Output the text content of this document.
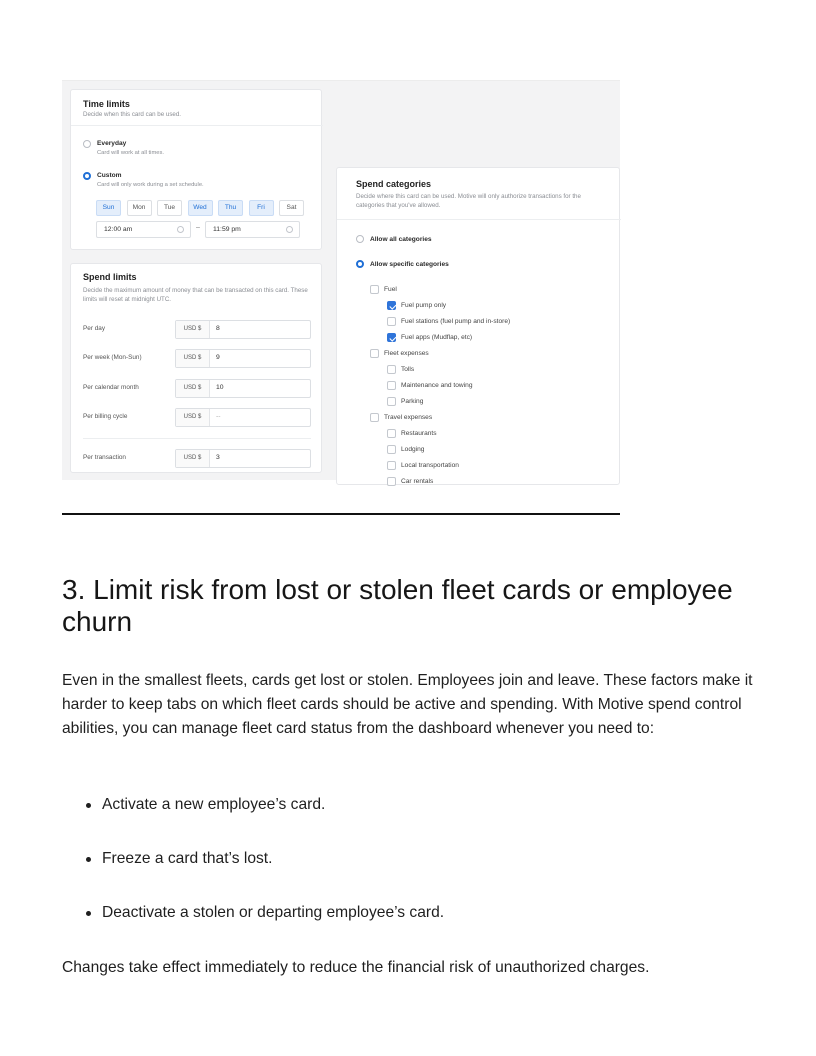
Time limits
Decide when this card can be used.
Everyday
Card will work at all times.
Custom
Card will only work during a set schedule.
Sun	Mon	Tue	Wed	Thu	Fri	Sat
12:00 am	– 11:59 pm
Spend limits
Decide the maximum amount of money that can be transacted on this card. These limits will reset at midnight UTC.
Per day	USD $	8
Per week (Mon-Sun)	USD $	9
Per calendar month	USD $	10
Per billing cycle	USD $	--
Per transaction	USD $	3
Spend categories
Decide where this card can be used. Motive will only authorize transactions for the categories that you've allowed.
Allow all categories
Allow specific categories
Fuel
Fuel pump only
Fuel stations (fuel pump and in-store)
Fuel apps (Mudflap, etc)
Fleet expenses
Tolls
Maintenance and towing
Parking
Travel expenses
Restaurants
Lodging
Local transportation
Car rentals
3. Limit risk from lost or stolen fleet cards or employee churn

Even in the smallest fleets, cards get lost or stolen. Employees join and leave. These factors make it harder to keep tabs on which fleet cards should be active and spending. With Motive spend control abilities, you can manage fleet card status from the dashboard whenever you need to:

Activate a new employee’s card.
Freeze a card that’s lost.
Deactivate a stolen or departing employee’s card.

Changes take effect immediately to reduce the financial risk of unauthorized charges.
